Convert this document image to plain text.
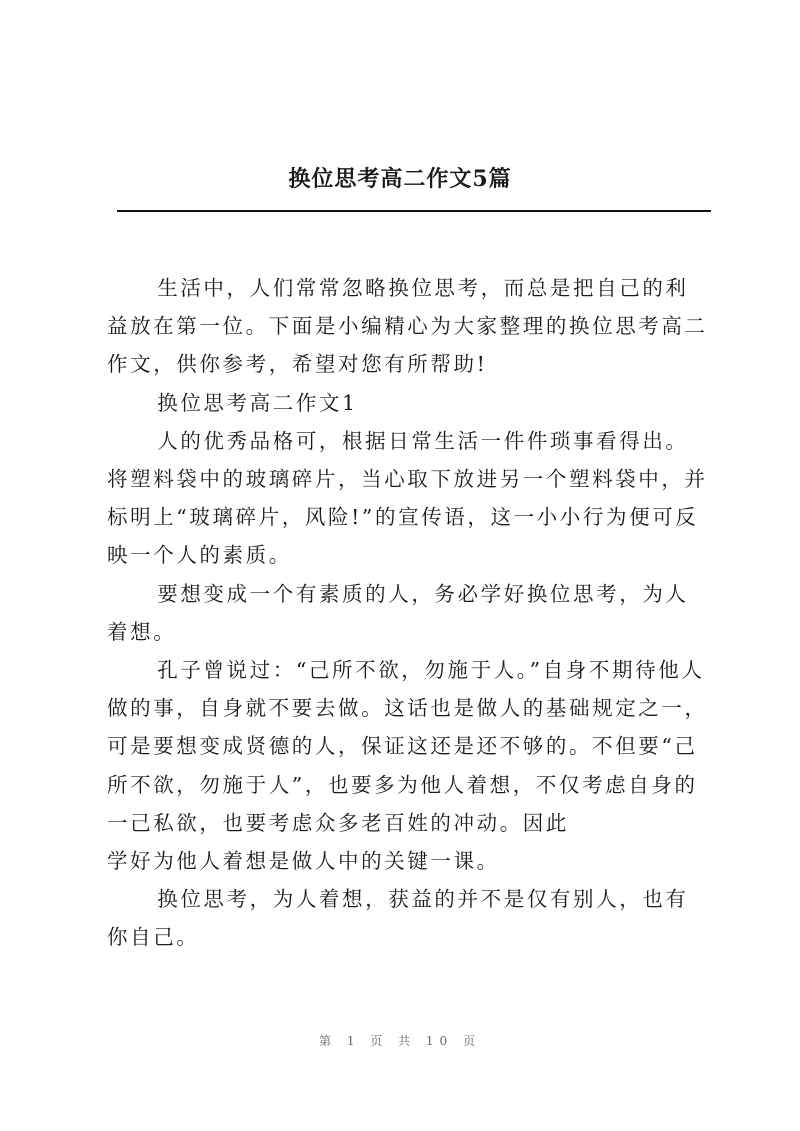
换位思考高二作文5篇

生活中，人们常常忽略换位思考，而总是把自己的利益放在第一位。下面是小编精心为大家整理的换位思考高二作文，供你参考，希望对您有所帮助!

换位思考高二作文1

人的优秀品格可，根据日常生活一件件琐事看得出。将塑料袋中的玻璃碎片，当心取下放进另一个塑料袋中，并标明上“玻璃碎片，风险!”的宣传语，这一小小行为便可反映一个人的素质。

要想变成一个有素质的人，务必学好换位思考，为人着想。

孔子曾说过：“己所不欲，勿施于人。”自身不期待他人做的事，自身就不要去做。这话也是做人的基础规定之一，可是要想变成贤德的人，保证这还是还不够的。不但要“己所不欲，勿施于人”，也要多为他人着想，不仅考虑自身的一己私欲，也要考虑众多老百姓的冲动。因此

学好为他人着想是做人中的关键一课。

换位思考，为人着想，获益的并不是仅有别人，也有你自己。

第 1 页 共 10 页
